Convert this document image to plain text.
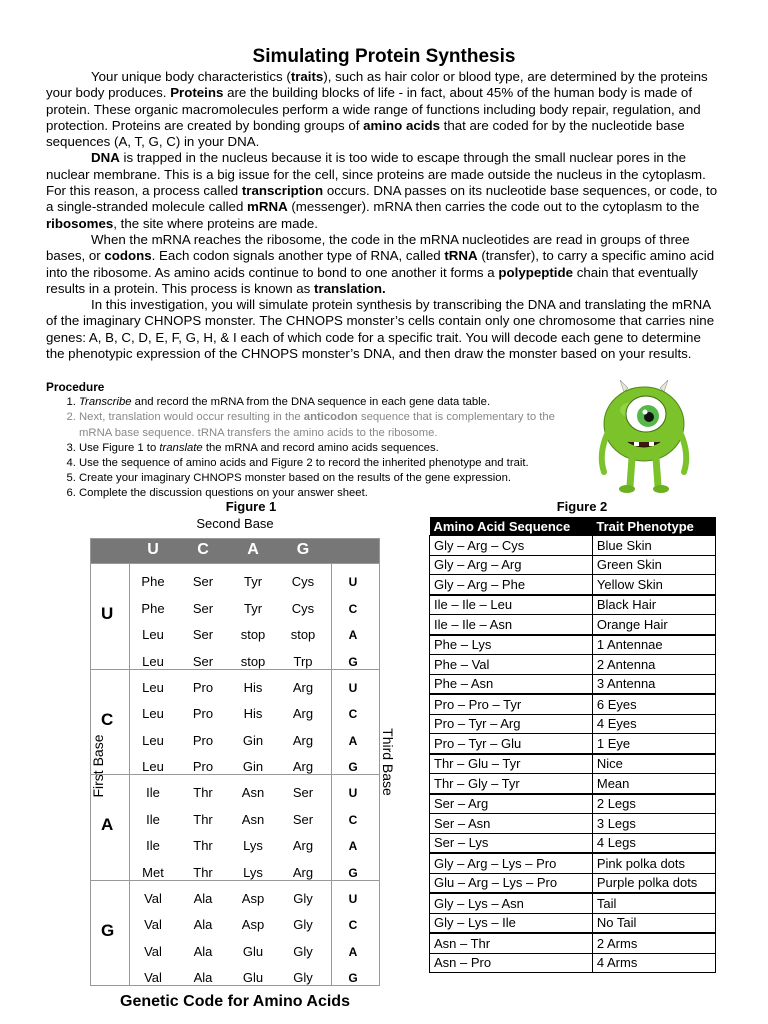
Simulating Protein Synthesis

Your unique body characteristics (traits), such as hair color or blood type, are determined by the proteins your body produces. Proteins are the building blocks of life - in fact, about 45% of the human body is made of protein. These organic macromolecules perform a wide range of functions including body repair, regulation, and protection. Proteins are created by bonding groups of amino acids that are coded for by the nucleotide base sequences (A, T, G, C) in your DNA.

DNA is trapped in the nucleus because it is too wide to escape through the small nuclear pores in the nuclear membrane. This is a big issue for the cell, since proteins are made outside the nucleus in the cytoplasm. For this reason, a process called transcription occurs. DNA passes on its nucleotide base sequences, or code, to a single-stranded molecule called mRNA (messenger). mRNA then carries the code out to the cytoplasm to the ribosomes, the site where proteins are made.

When the mRNA reaches the ribosome, the code in the mRNA nucleotides are read in groups of three bases, or codons. Each codon signals another type of RNA, called tRNA (transfer), to carry a specific amino acid into the ribosome. As amino acids continue to bond to one another it forms a polypeptide chain that eventually results in a protein. This process is known as translation.

In this investigation, you will simulate protein synthesis by transcribing the DNA and translating the mRNA of the imaginary CHNOPS monster. The CHNOPS monster’s cells contain only one chromosome that carries nine genes: A, B, C, D, E, F, G, H, & I each of which code for a specific trait. You will decode each gene to determine the phenotypic expression of the CHNOPS monster’s DNA, and then draw the monster based on your results.

Procedure
1. Transcribe and record the mRNA from the DNA sequence in each gene data table.
2. Next, translation would occur resulting in the anticodon sequence that is complementary to the mRNA base sequence. tRNA transfers the amino acids to the ribosome.
3. Use Figure 1 to translate the mRNA and record amino acids sequences.
4. Use the sequence of amino acids and Figure 2 to record the inherited phenotype and trait.
5. Create your imaginary CHNOPS monster based on the results of the gene expression.
6. Complete the discussion questions on your answer sheet.
Figure 1
Second Base
First Base	Third Base
U	C	A	G
U
Phe	Ser	Tyr	Cys	U
Phe	Ser	Tyr	Cys	C
Leu	Ser	stop	stop	A
Leu	Ser	stop	Trp	G
C
Leu	Pro	His	Arg	U
Leu	Pro	His	Arg	C
Leu	Pro	Gin	Arg	A
Leu	Pro	Gin	Arg	G
A
Ile	Thr	Asn	Ser	U
Ile	Thr	Asn	Ser	C
Ile	Thr	Lys	Arg	A
Met	Thr	Lys	Arg	G
G
Val	Ala	Asp	Gly	U
Val	Ala	Asp	Gly	C
Val	Ala	Glu	Gly	A
Val	Ala	Glu	Gly	G
Genetic Code for Amino Acids
Figure 2
Amino Acid Sequence	Trait Phenotype
Gly – Arg – Cys	Blue Skin
Gly – Arg – Arg	Green Skin
Gly – Arg – Phe	Yellow Skin
Ile – Ile – Leu	Black Hair
Ile – Ile – Asn	Orange Hair
Phe – Lys	1 Antennae
Phe – Val	2 Antenna
Phe – Asn	3 Antenna
Pro – Pro – Tyr	6 Eyes
Pro – Tyr – Arg	4 Eyes
Pro – Tyr – Glu	1 Eye
Thr – Glu – Tyr	Nice
Thr – Gly – Tyr	Mean
Ser – Arg	2 Legs
Ser – Asn	3 Legs
Ser – Lys	4 Legs
Gly – Arg – Lys – Pro	Pink polka dots
Glu – Arg – Lys – Pro	Purple polka dots
Gly – Lys – Asn	Tail
Gly – Lys – Ile	No Tail
Asn – Thr	2 Arms
Asn – Pro	4 Arms
